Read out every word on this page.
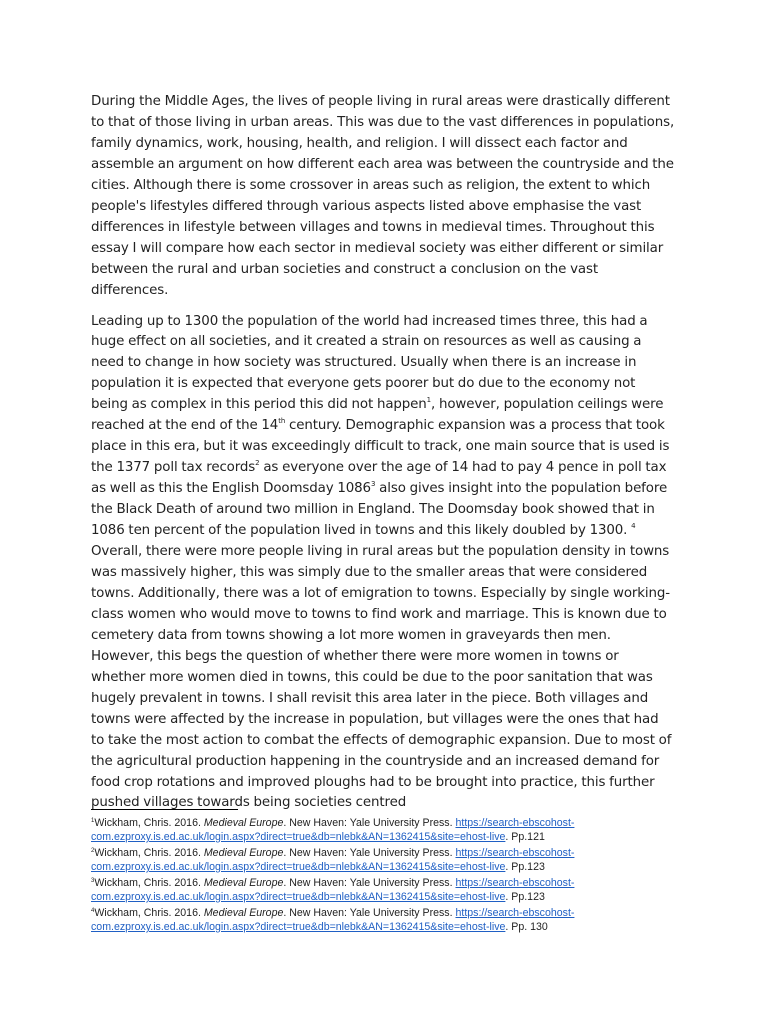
During the Middle Ages, the lives of people living in rural areas were drastically different to that of those living in urban areas. This was due to the vast differences in populations, family dynamics, work, housing, health, and religion. I will dissect each factor and assemble an argument on how different each area was between the countryside and the cities. Although there is some crossover in areas such as religion, the extent to which people's lifestyles differed through various aspects listed above emphasise the vast differences in lifestyle between villages and towns in medieval times. Throughout this essay I will compare how each sector in medieval society was either different or similar between the rural and urban societies and construct a conclusion on the vast differences.

Leading up to 1300 the population of the world had increased times three, this had a huge effect on all societies, and it created a strain on resources as well as causing a need to change in how society was structured. Usually when there is an increase in population it is expected that everyone gets poorer but do due to the economy not being as complex in this period this did not happen$^1$, however, population ceilings were reached at the end of the 14th century. Demographic expansion was a process that took place in this era, but it was exceedingly difficult to track, one main source that is used is the 1377 poll tax records$^2$ as everyone over the age of 14 had to pay 4 pence in poll tax as well as this the English Doomsday 1086$^3$ also gives insight into the population before the Black Death of around two million in England. The Doomsday book showed that in 1086 ten percent of the population lived in towns and this likely doubled by 1300. $^4$ Overall, there were more people living in rural areas but the population density in towns was massively higher, this was simply due to the smaller areas that were considered towns. Additionally, there was a lot of emigration to towns. Especially by single working-class women who would move to towns to find work and marriage. This is known due to cemetery data from towns showing a lot more women in graveyards then men. However, this begs the question of whether there were more women in towns or whether more women died in towns, this could be due to the poor sanitation that was hugely prevalent in towns. I shall revisit this area later in the piece. Both villages and towns were affected by the increase in population, but villages were the ones that had to take the most action to combat the effects of demographic expansion. Due to most of the agricultural production happening in the countryside and an increased demand for food crop rotations and improved ploughs had to be brought into practice, this further pushed villages towards being societies centred

$^1$Wickham, Chris. 2016. Medieval Europe. New Haven: Yale University Press. https://search-ebscohost-
com.ezproxy.is.ed.ac.uk/login.aspx?direct=true&db=nlebk&AN=1362415&site=ehost-live. Pp.121
$^2$Wickham, Chris. 2016. Medieval Europe. New Haven: Yale University Press. https://search-ebscohost-
com.ezproxy.is.ed.ac.uk/login.aspx?direct=true&db=nlebk&AN=1362415&site=ehost-live. Pp.123
$^3$Wickham, Chris. 2016. Medieval Europe. New Haven: Yale University Press. https://search-ebscohost-
com.ezproxy.is.ed.ac.uk/login.aspx?direct=true&db=nlebk&AN=1362415&site=ehost-live. Pp.123
$^4$Wickham, Chris. 2016. Medieval Europe. New Haven: Yale University Press. https://search-ebscohost-
com.ezproxy.is.ed.ac.uk/login.aspx?direct=true&db=nlebk&AN=1362415&site=ehost-live. Pp. 130
